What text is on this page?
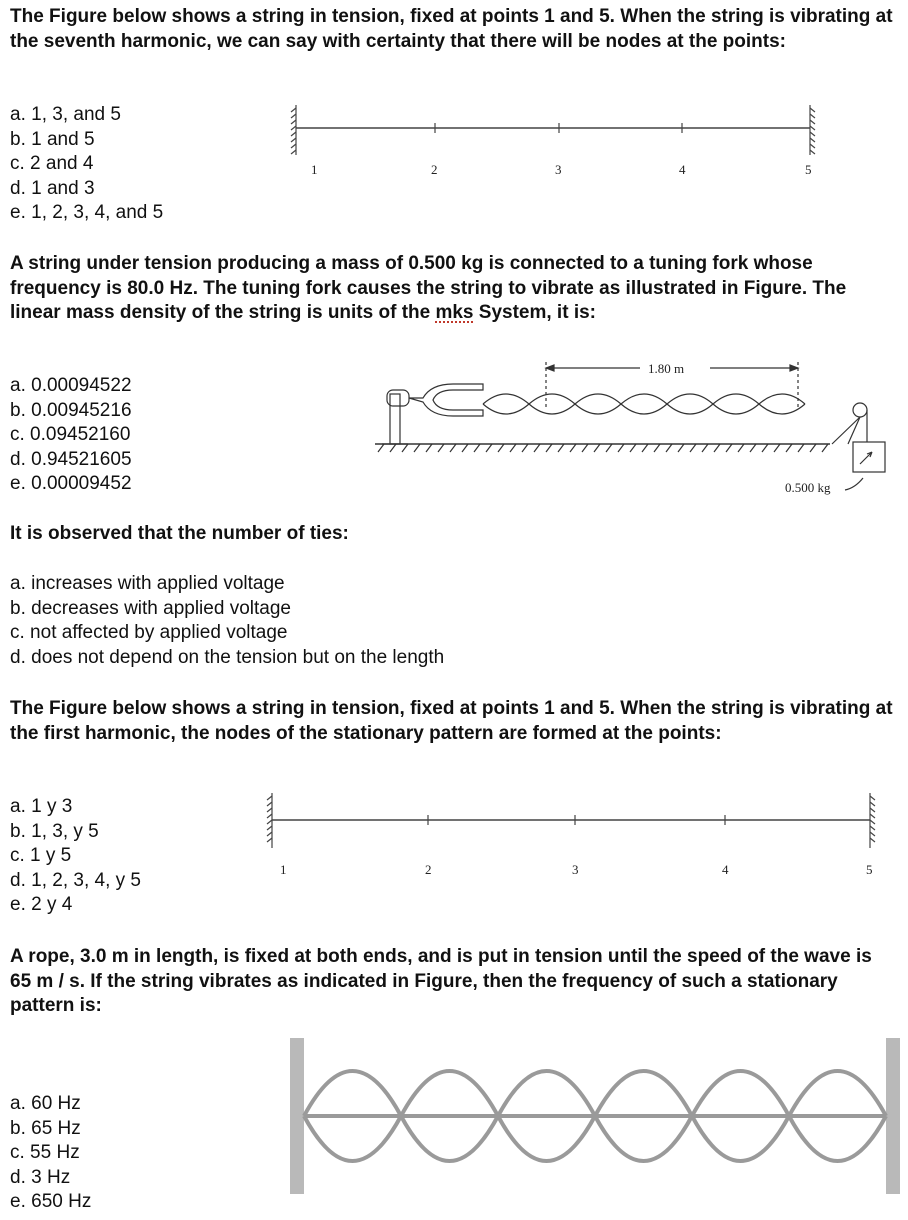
The Figure below shows a string in tension, fixed at points 1 and 5. When the string is vibrating at the seventh harmonic, we can say with certainty that there will be nodes at the points:

a. 1, 3, and 5
b. 1 and 5
c. 2 and 4
d. 1 and 3
e. 1, 2, 3, 4, and 5
1	2	3	4	5

A string under tension producing a mass of 0.500 kg is connected to a tuning fork whose frequency is 80.0 Hz. The tuning fork causes the string to vibrate as illustrated in Figure. The linear mass density of the string is units of the mks System, it is:

a. 0.00094522
b. 0.00945216
c. 0.09452160
d. 0.94521605
e. 0.00009452
1.80 m
0.500 kg

It is observed that the number of ties:

a. increases with applied voltage
b. decreases with applied voltage
c. not affected by applied voltage
d. does not depend on the tension but on the length

The Figure below shows a string in tension, fixed at points 1 and 5. When the string is vibrating at the first harmonic, the nodes of the stationary pattern are formed at the points:

a. 1 y 3
b. 1, 3, y 5
c. 1 y 5
d. 1, 2, 3, 4, y 5
e. 2 y 4
1	2	3	4	5

A rope, 3.0 m in length, is fixed at both ends, and is put in tension until the speed of the wave is 65 m / s. If the string vibrates as indicated in Figure, then the frequency of such a stationary pattern is:

a. 60 Hz
b. 65 Hz
c. 55 Hz
d. 3 Hz
e. 650 Hz
